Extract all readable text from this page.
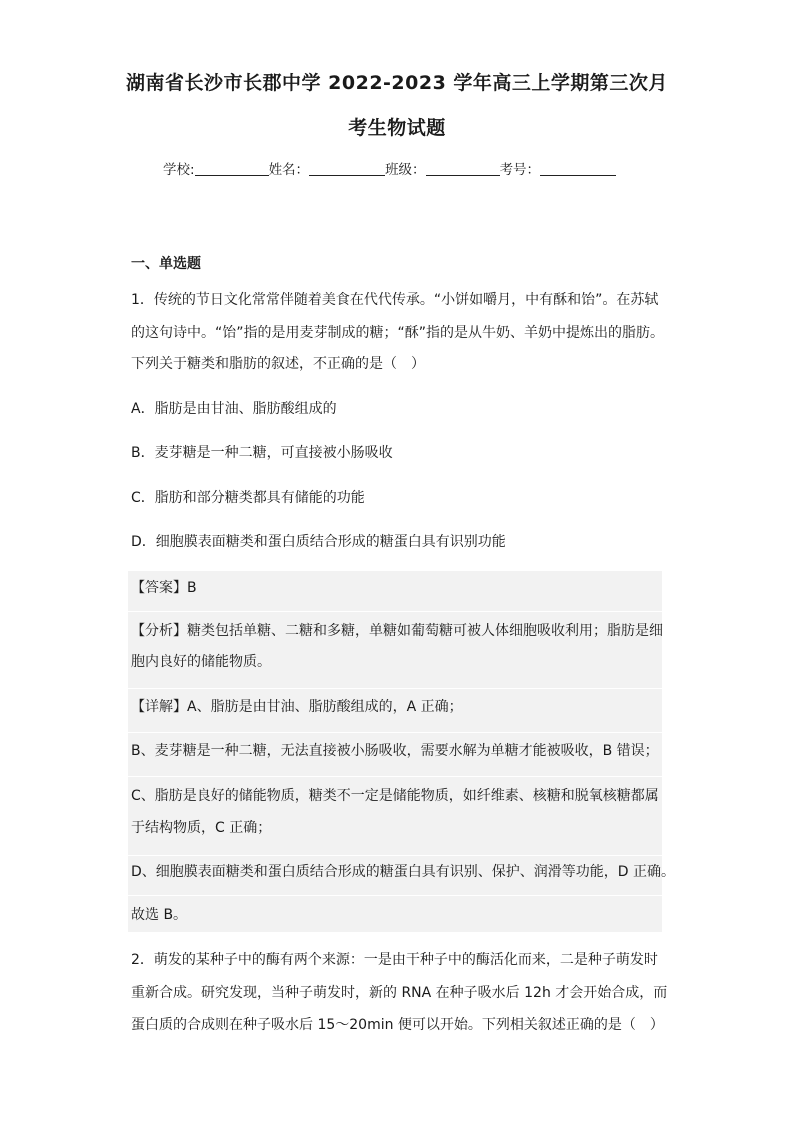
湖南省长沙市长郡中学 2022-2023 学年高三上学期第三次月
考生物试题
学校:	姓名：	班级：	考号：
一、单选题
1．传统的节日文化常常伴随着美食在代代传承。“小饼如嚼月，中有酥和饴”。在苏轼
的这句诗中。“饴”指的是用麦芽制成的糖；“酥”指的是从牛奶、羊奶中提炼出的脂肪。
下列关于糖类和脂肪的叙述，不正确的是（　）
A．脂肪是由甘油、脂肪酸组成的
B．麦芽糖是一种二糖，可直接被小肠吸收
C．脂肪和部分糖类都具有储能的功能
D．细胞膜表面糖类和蛋白质结合形成的糖蛋白具有识别功能
【答案】B
【分析】糖类包括单糖、二糖和多糖，单糖如葡萄糖可被人体细胞吸收利用；脂肪是细
胞内良好的储能物质。
【详解】A、脂肪是由甘油、脂肪酸组成的，A 正确；
B、麦芽糖是一种二糖，无法直接被小肠吸收，需要水解为单糖才能被吸收，B 错误；
C、脂肪是良好的储能物质，糖类不一定是储能物质，如纤维素、核糖和脱氧核糖都属
于结构物质，C 正确；
D、细胞膜表面糖类和蛋白质结合形成的糖蛋白具有识别、保护、润滑等功能，D 正确。
故选 B。
2．萌发的某种子中的酶有两个来源：一是由干种子中的酶活化而来，二是种子萌发时
重新合成。研究发现，当种子萌发时，新的 RNA 在种子吸水后 12h 才会开始合成，而
蛋白质的合成则在种子吸水后 15～20min 便可以开始。下列相关叙述正确的是（　）
